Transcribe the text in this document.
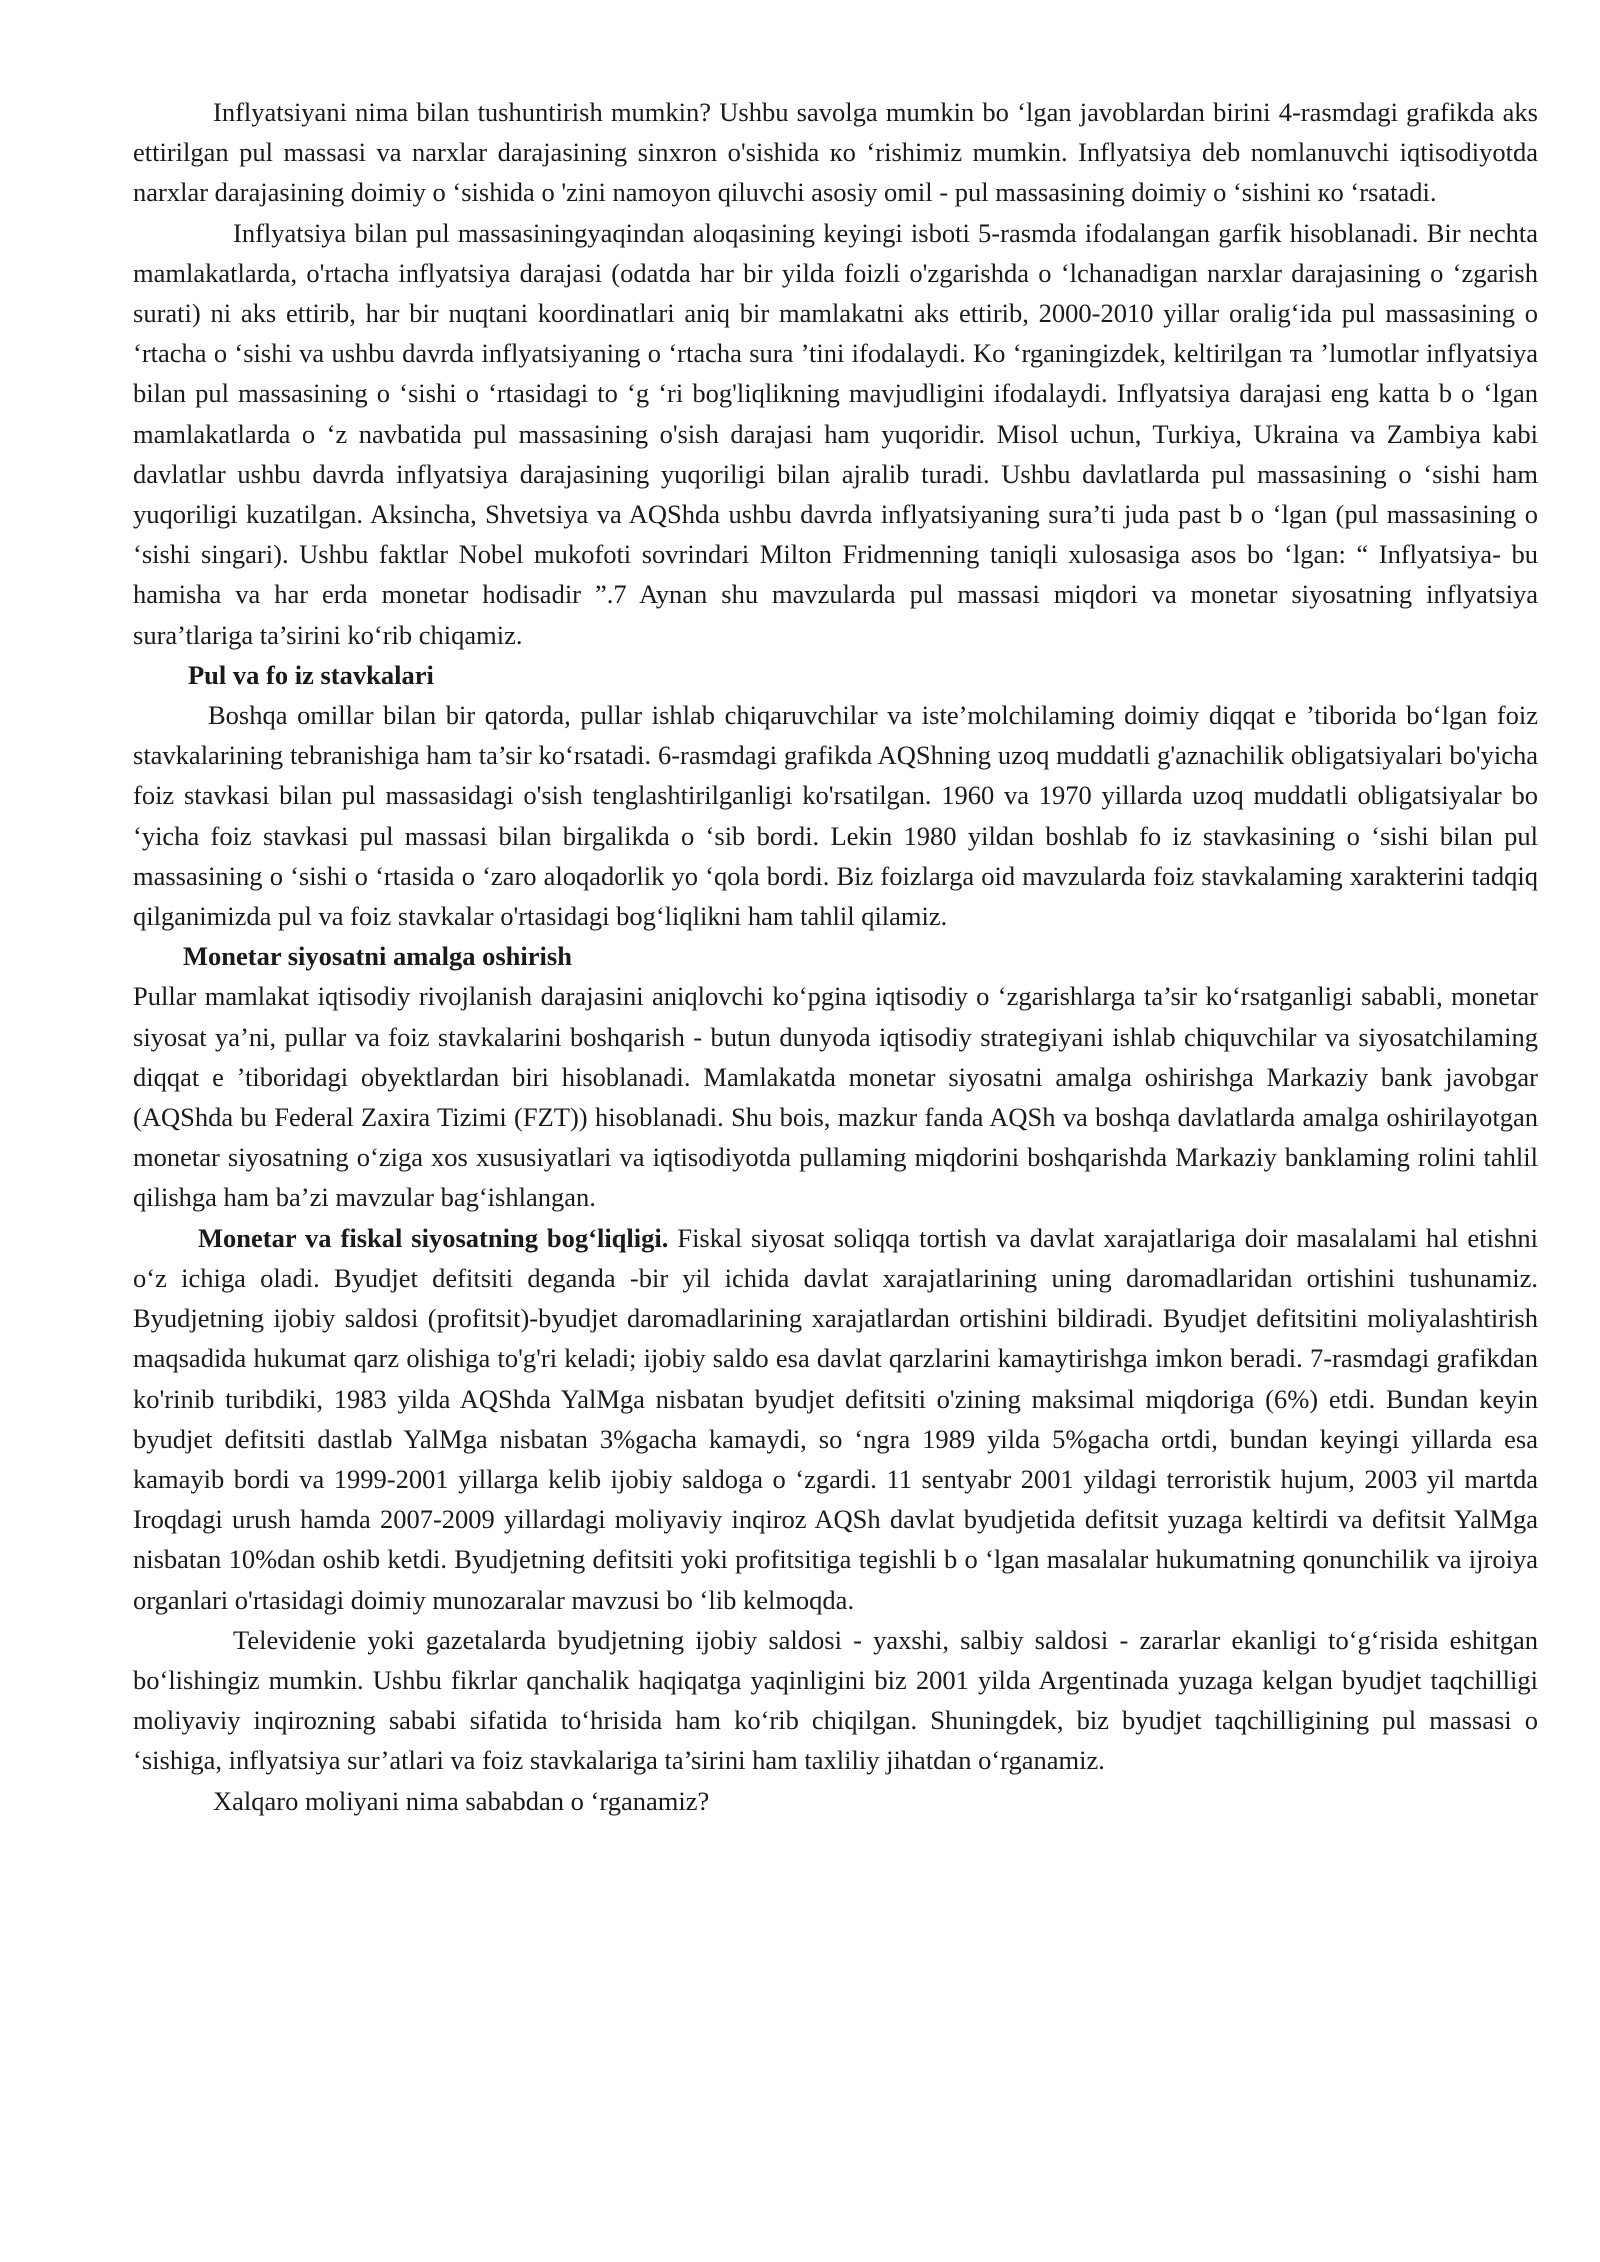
Inflyatsiyani nima bilan tushuntirish mumkin? Ushbu savolga mumkin bo ‘lgan javoblardan birini 4-rasmdagi grafikda aks ettirilgan pul massasi va narxlar darajasining sinxron o'sishida кo ‘rishimiz mumkin. Inflyatsiya deb nomlanuvchi iqtisodiyotda narxlar darajasining doimiy o ‘sishida o 'zini namoyon qiluvchi asosiy omil - pul massasining doimiy o ‘sishini кo ‘rsatadi.

Inflyatsiya bilan pul massasiningyaqindan aloqasining keyingi isboti 5-rasmda ifodalangan garfik hisoblanadi. Bir nechta mamlakatlarda, o'rtacha inflyatsiya darajasi (odatda har bir yilda foizli o'zgarishda o ‘lchanadigan narxlar darajasining o ‘zgarish surati) ni aks ettirib, har bir nuqtani koordinatlari aniq bir mamlakatni aks ettirib, 2000-2010 yillar oralig‘ida pul massasining o ‘rtacha o ‘sishi va ushbu davrda inflyatsiyaning o ‘rtacha sura ’tini ifodalaydi. Ko ‘rganingizdek, keltirilgan тa ’lumotlar inflyatsiya bilan pul massasining o ‘sishi o ‘rtasidagi to ‘g ‘ri bog'liqlikning mavjudligini ifodalaydi. Inflyatsiya darajasi eng katta b o ‘lgan mamlakatlarda o ‘z navbatida pul massasining o'sish darajasi ham yuqoridir. Misol uchun, Turkiya, Ukraina va Zambiya kabi davlatlar ushbu davrda inflyatsiya darajasining yuqoriligi bilan ajralib turadi. Ushbu davlatlarda pul massasining o ‘sishi ham yuqoriligi kuzatilgan. Aksincha, Shvetsiya va AQShda ushbu davrda inflyatsiyaning sura’ti juda past b o ‘lgan (pul massasining o ‘sishi singari). Ushbu faktlar Nobel mukofoti sovrindari Milton Fridmenning taniqli xulosasiga asos bo ‘lgan: “ Inflyatsiya- bu hamisha va har erda monetar hodisadir ”.7 Aynan shu mavzularda pul massasi miqdori va monetar siyosatning inflyatsiya sura’tlariga ta’sirini ko‘rib chiqamiz.

Pul va fo iz stavkalari

Boshqa omillar bilan bir qatorda, pullar ishlab chiqaruvchilar va iste’molchilaming doimiy diqqat e ’tiborida bo‘lgan foiz stavkalarining tebranishiga ham ta’sir ko‘rsatadi. 6-rasmdagi grafikda AQShning uzoq muddatli g'aznachilik obligatsiyalari bo'yicha foiz stavkasi bilan pul massasidagi o'sish tenglashtirilganligi ko'rsatilgan. 1960 va 1970 yillarda uzoq muddatli obligatsiyalar bo ‘yicha foiz stavkasi pul massasi bilan birgalikda o ‘sib bordi. Lekin 1980 yildan boshlab fo iz stavkasining o ‘sishi bilan pul massasining o ‘sishi o ‘rtasida o ‘zaro aloqadorlik yo ‘qola bordi. Biz foizlarga oid mavzularda foiz stavkalaming xarakterini tadqiq qilganimizda pul va foiz stavkalar o'rtasidagi bog‘liqlikni ham tahlil qilamiz.

Monetar siyosatni amalga oshirish

Pullar mamlakat iqtisodiy rivojlanish darajasini aniqlovchi ko‘pgina iqtisodiy o ‘zgarishlarga ta’sir ko‘rsatganligi sababli, monetar siyosat ya’ni, pullar va foiz stavkalarini boshqarish - butun dunyoda iqtisodiy strategiyani ishlab chiquvchilar va siyosatchilaming diqqat e ’tiboridagi obyektlardan biri hisoblanadi. Mamlakatda monetar siyosatni amalga oshirishga Markaziy bank javobgar (AQShda bu Federal Zaxira Tizimi (FZT)) hisoblanadi. Shu bois, mazkur fanda AQSh va boshqa davlatlarda amalga oshirilayotgan monetar siyosatning o‘ziga xos xususiyatlari va iqtisodiyotda pullaming miqdorini boshqarishda Markaziy banklaming rolini tahlil qilishga ham ba’zi mavzular bag‘ishlangan.

Monetar va fiskal siyosatning bog‘liqligi. Fiskal siyosat soliqqa tortish va davlat xarajatlariga doir masalalami hal etishni o‘z ichiga oladi. Byudjet defitsiti deganda -bir yil ichida davlat xarajatlarining uning daromadlaridan ortishini tushunamiz. Byudjetning ijobiy saldosi (profitsit)-byudjet daromadlarining xarajatlardan ortishini bildiradi. Byudjet defitsitini moliyalashtirish maqsadida hukumat qarz olishiga to'g'ri keladi; ijobiy saldo esa davlat qarzlarini kamaytirishga imkon beradi. 7-rasmdagi grafikdan ko'rinib turibdiki, 1983 yilda AQShda YalMga nisbatan byudjet defitsiti o'zining maksimal miqdoriga (6%) etdi. Bundan keyin byudjet defitsiti dastlab YalMga nisbatan 3%gacha kamaydi, so ‘ngra 1989 yilda 5%gacha ortdi, bundan keyingi yillarda esa kamayib bordi va 1999-2001 yillarga kelib ijobiy saldoga o ‘zgardi. 11 sentyabr 2001 yildagi terroristik hujum, 2003 yil martda Iroqdagi urush hamda 2007-2009 yillardagi moliyaviy inqiroz AQSh davlat byudjetida defitsit yuzaga keltirdi va defitsit YalMga nisbatan 10%dan oshib ketdi. Byudjetning defitsiti yoki profitsitiga tegishli b o ‘lgan masalalar hukumatning qonunchilik va ijroiya organlari o'rtasidagi doimiy munozaralar mavzusi bo ‘lib kelmoqda.

Televidenie yoki gazetalarda byudjetning ijobiy saldosi - yaxshi, salbiy saldosi - zararlar ekanligi to‘g‘risida eshitgan bo‘lishingiz mumkin. Ushbu fikrlar qanchalik haqiqatga yaqinligini biz 2001 yilda Argentinada yuzaga kelgan byudjet taqchilligi moliyaviy inqirozning sababi sifatida to‘hrisida ham ko‘rib chiqilgan. Shuningdek, biz byudjet taqchilligining pul massasi o ‘sishiga, inflyatsiya sur’atlari va foiz stavkalariga ta’sirini ham taxliliy jihatdan o‘rganamiz.

Xalqaro moliyani nima sababdan o ‘rganamiz?
